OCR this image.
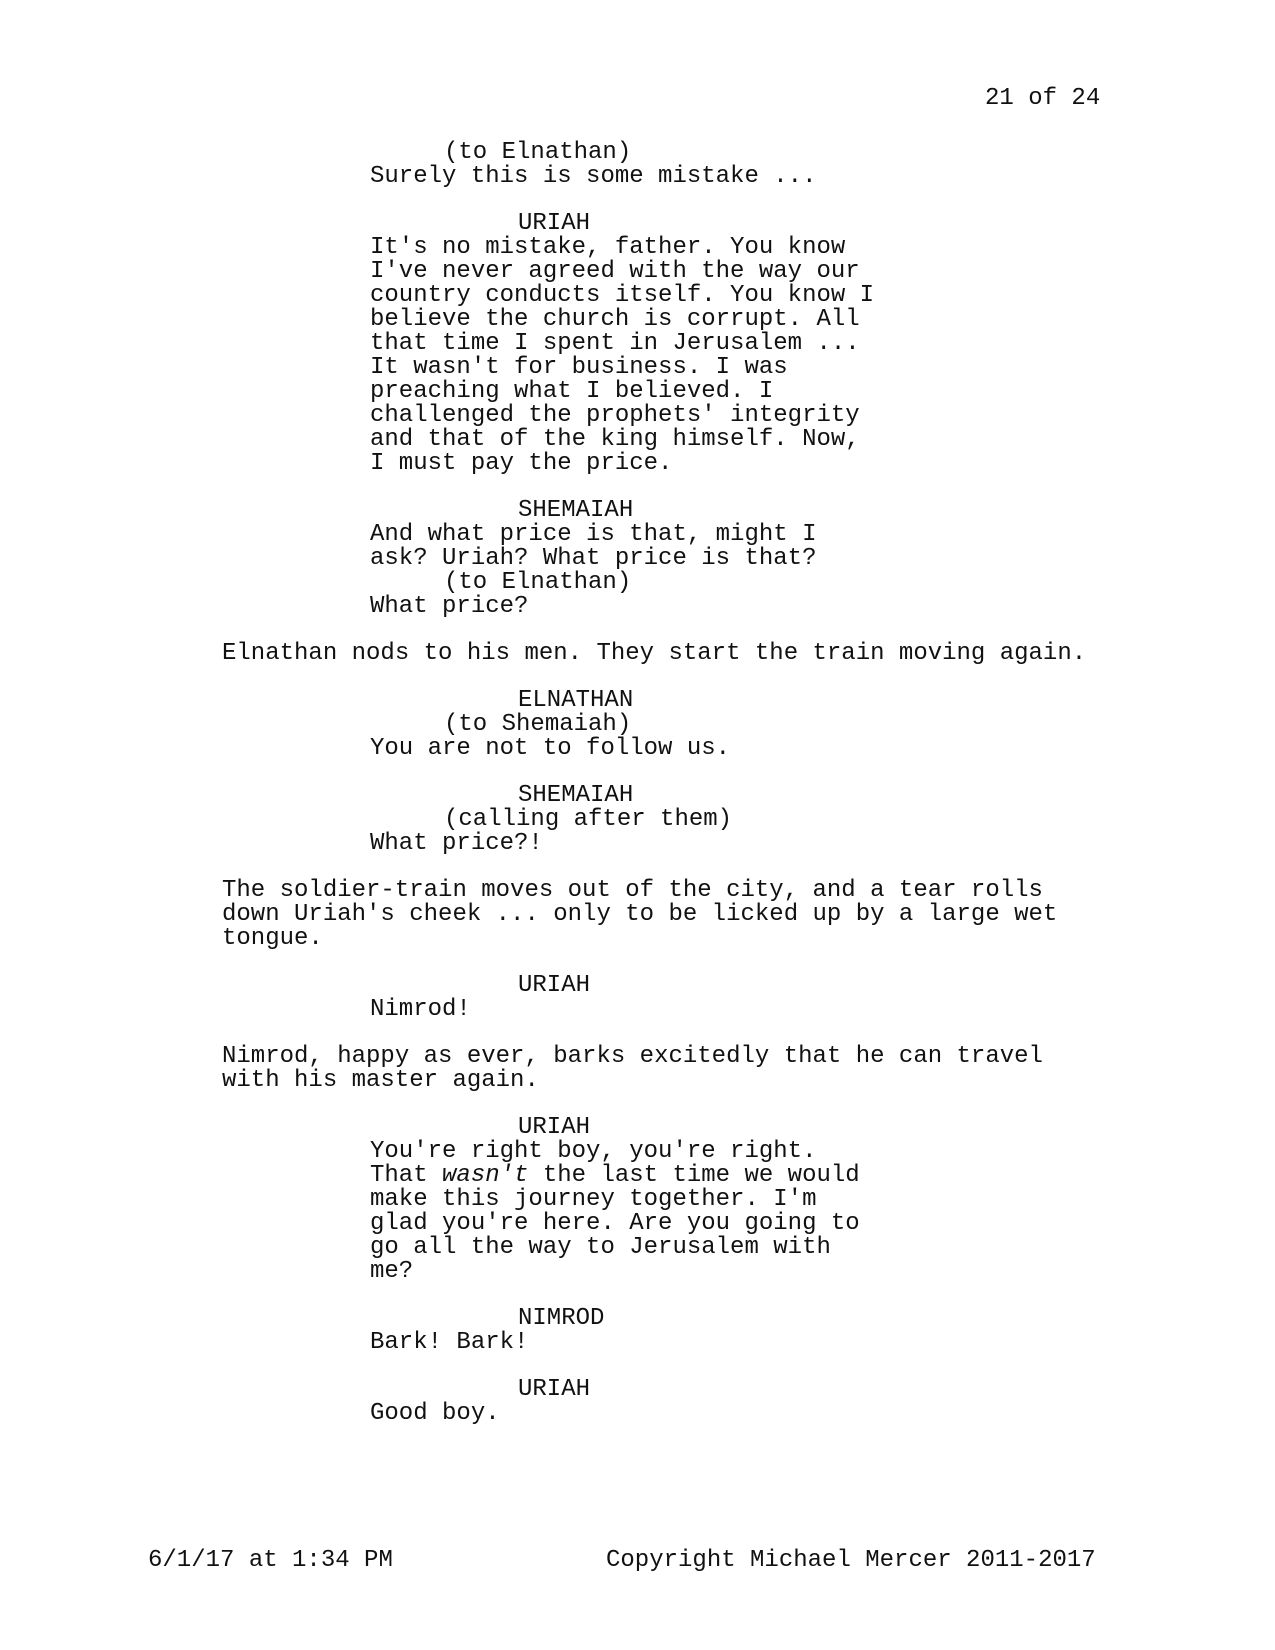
21 of 24
(to Elnathan)
Surely this is some mistake ...
URIAH
It's no mistake, father. You know
I've never agreed with the way our
country conducts itself. You know I
believe the church is corrupt. All
that time I spent in Jerusalem ...
It wasn't for business. I was
preaching what I believed. I
challenged the prophets' integrity
and that of the king himself. Now,
I must pay the price.
SHEMAIAH
And what price is that, might I
ask? Uriah? What price is that?
(to Elnathan)
What price?
Elnathan nods to his men. They start the train moving again.
ELNATHAN
(to Shemaiah)
You are not to follow us.
SHEMAIAH
(calling after them)
What price?!
The soldier-train moves out of the city, and a tear rolls
down Uriah's cheek ... only to be licked up by a large wet
tongue.
URIAH
Nimrod!
Nimrod, happy as ever, barks excitedly that he can travel
with his master again.
URIAH
You're right boy, you're right.
That wasn't the last time we would
make this journey together. I'm
glad you're here. Are you going to
go all the way to Jerusalem with
me?
NIMROD
Bark! Bark!
URIAH
Good boy.
6/1/17 at 1:34 PM	Copyright Michael Mercer 2011-2017
